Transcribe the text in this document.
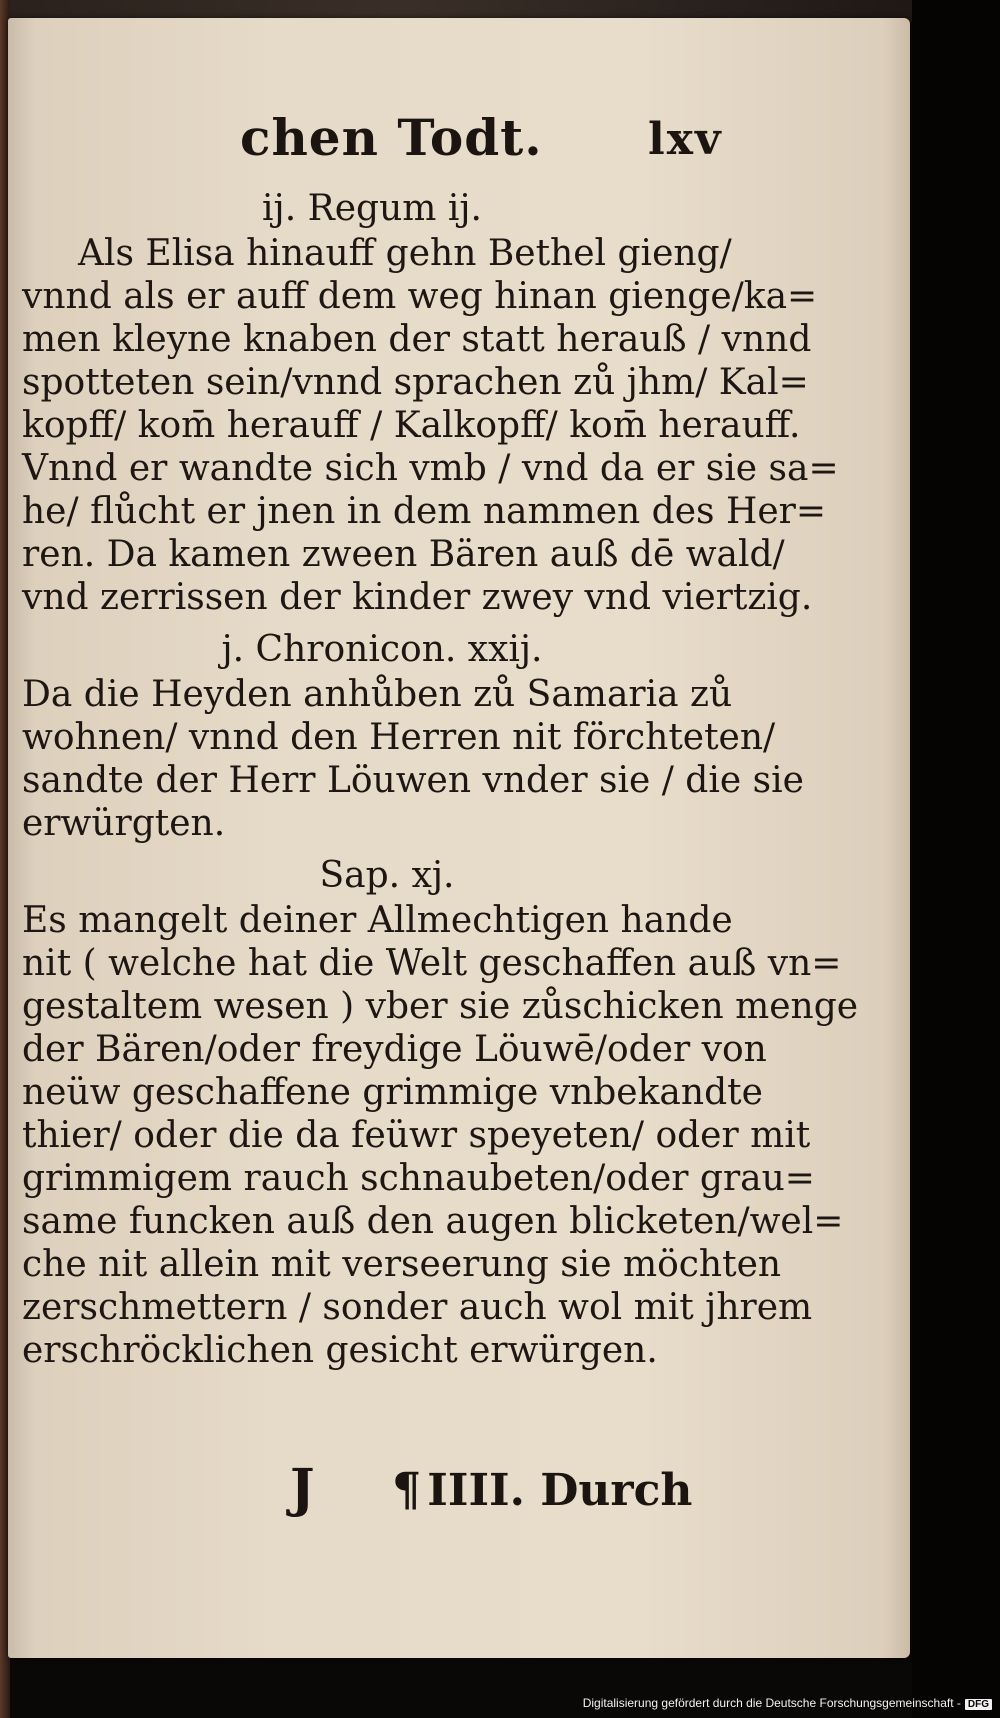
chen Todt. lxv
ij. Regum ij.
Als Elisa hinauff gehn Bethel gieng/
vnnd als er auff dem weg hinan gienge/ka=
men kleyne knaben der statt herauß / vnnd
spotteten sein/vnnd sprachen zů jhm/ Kal=
kopff/ kom̄ herauff / Kalkopff/ kom̄ herauff.
Vnnd er wandte sich vmb / vnd da er sie sa=
he/ flůcht er jnen in dem nammen des Her=
ren. Da kamen zween Bären auß dē wald/
vnd zerrissen der kinder zwey vnd viertzig.
j. Chronicon. xxij.
Da die Heyden anhůben zů Samaria zů
wohnen/ vnnd den Herren nit förchteten/
sandte der Herr Löuwen vnder sie / die sie
erwürgten.
Sap. xj.
Es mangelt deiner Allmechtigen hande
nit ( welche hat die Welt geschaffen auß vn=
gestaltem wesen ) vber sie zůschicken menge
der Bären/oder freydige Löuwē/oder von
neüw geschaffene grimmige vnbekandte
thier/ oder die da feüwr speyeten/ oder mit
grimmigem rauch schnaubeten/oder grau=
same funcken auß den augen blicketen/wel=
che nit allein mit verseerung sie möchten
zerschmettern / sonder auch wol mit jhrem
erschröcklichen gesicht erwürgen.
J ¶ IIII. Durch
Digitalisierung gefördert durch die Deutsche Forschungsgemeinschaft - DFG
